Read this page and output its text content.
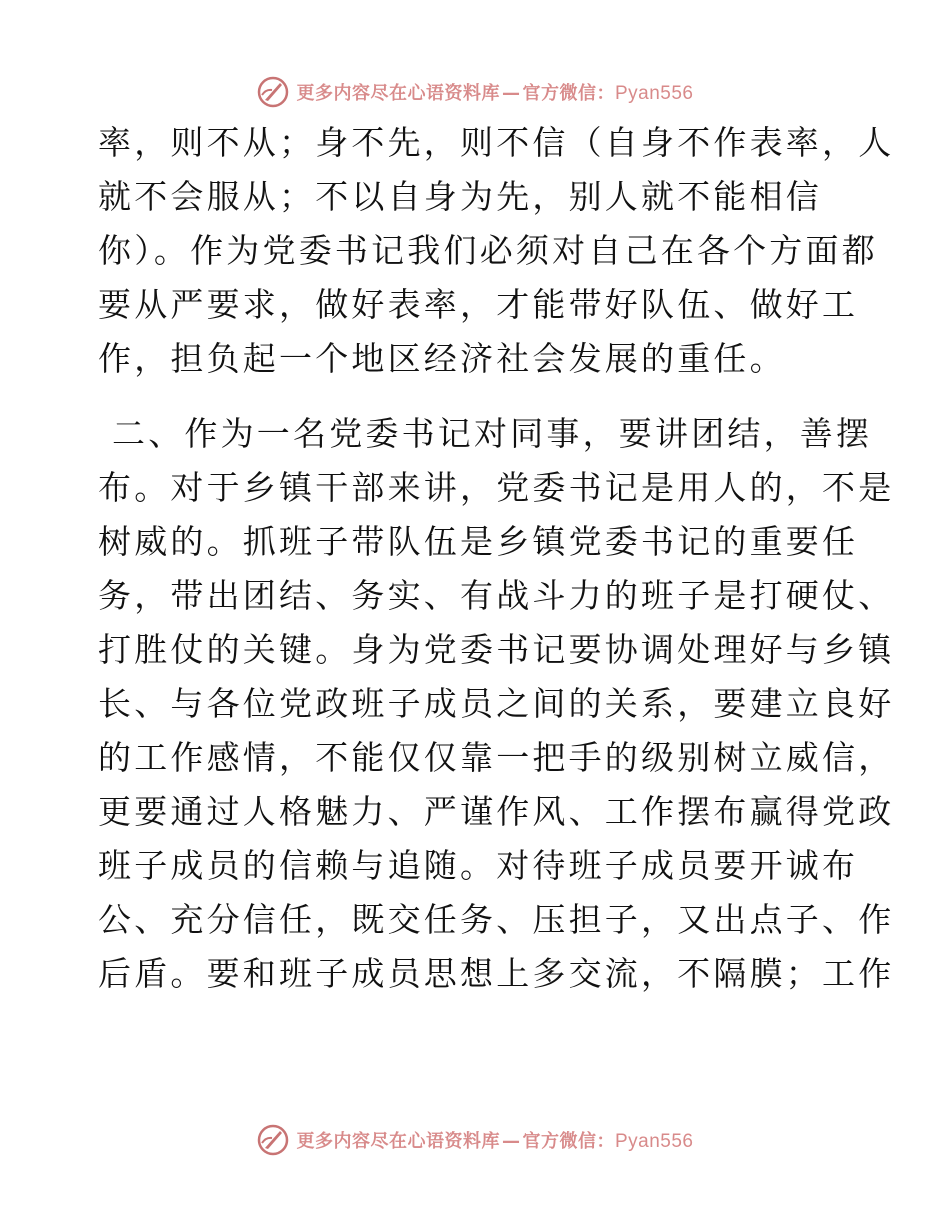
更多内容尽在心语资料库 — 官方微信：Pyan556
率，则不从；身不先，则不信（自身不作表率，人
就不会服从；不以自身为先，别人就不能相信
你）。作为党委书记我们必须对自己在各个方面都
要从严要求，做好表率，才能带好队伍、做好工
作，担负起一个地区经济社会发展的重任。
二、作为一名党委书记对同事，要讲团结，善摆
布。对于乡镇干部来讲，党委书记是用人的，不是
树威的。抓班子带队伍是乡镇党委书记的重要任
务，带出团结、务实、有战斗力的班子是打硬仗、
打胜仗的关键。身为党委书记要协调处理好与乡镇
长、与各位党政班子成员之间的关系，要建立良好
的工作感情，不能仅仅靠一把手的级别树立威信，
更要通过人格魅力、严谨作风、工作摆布赢得党政
班子成员的信赖与追随。对待班子成员要开诚布
公、充分信任，既交任务、压担子，又出点子、作
后盾。要和班子成员思想上多交流，不隔膜；工作
更多内容尽在心语资料库 — 官方微信：Pyan556
